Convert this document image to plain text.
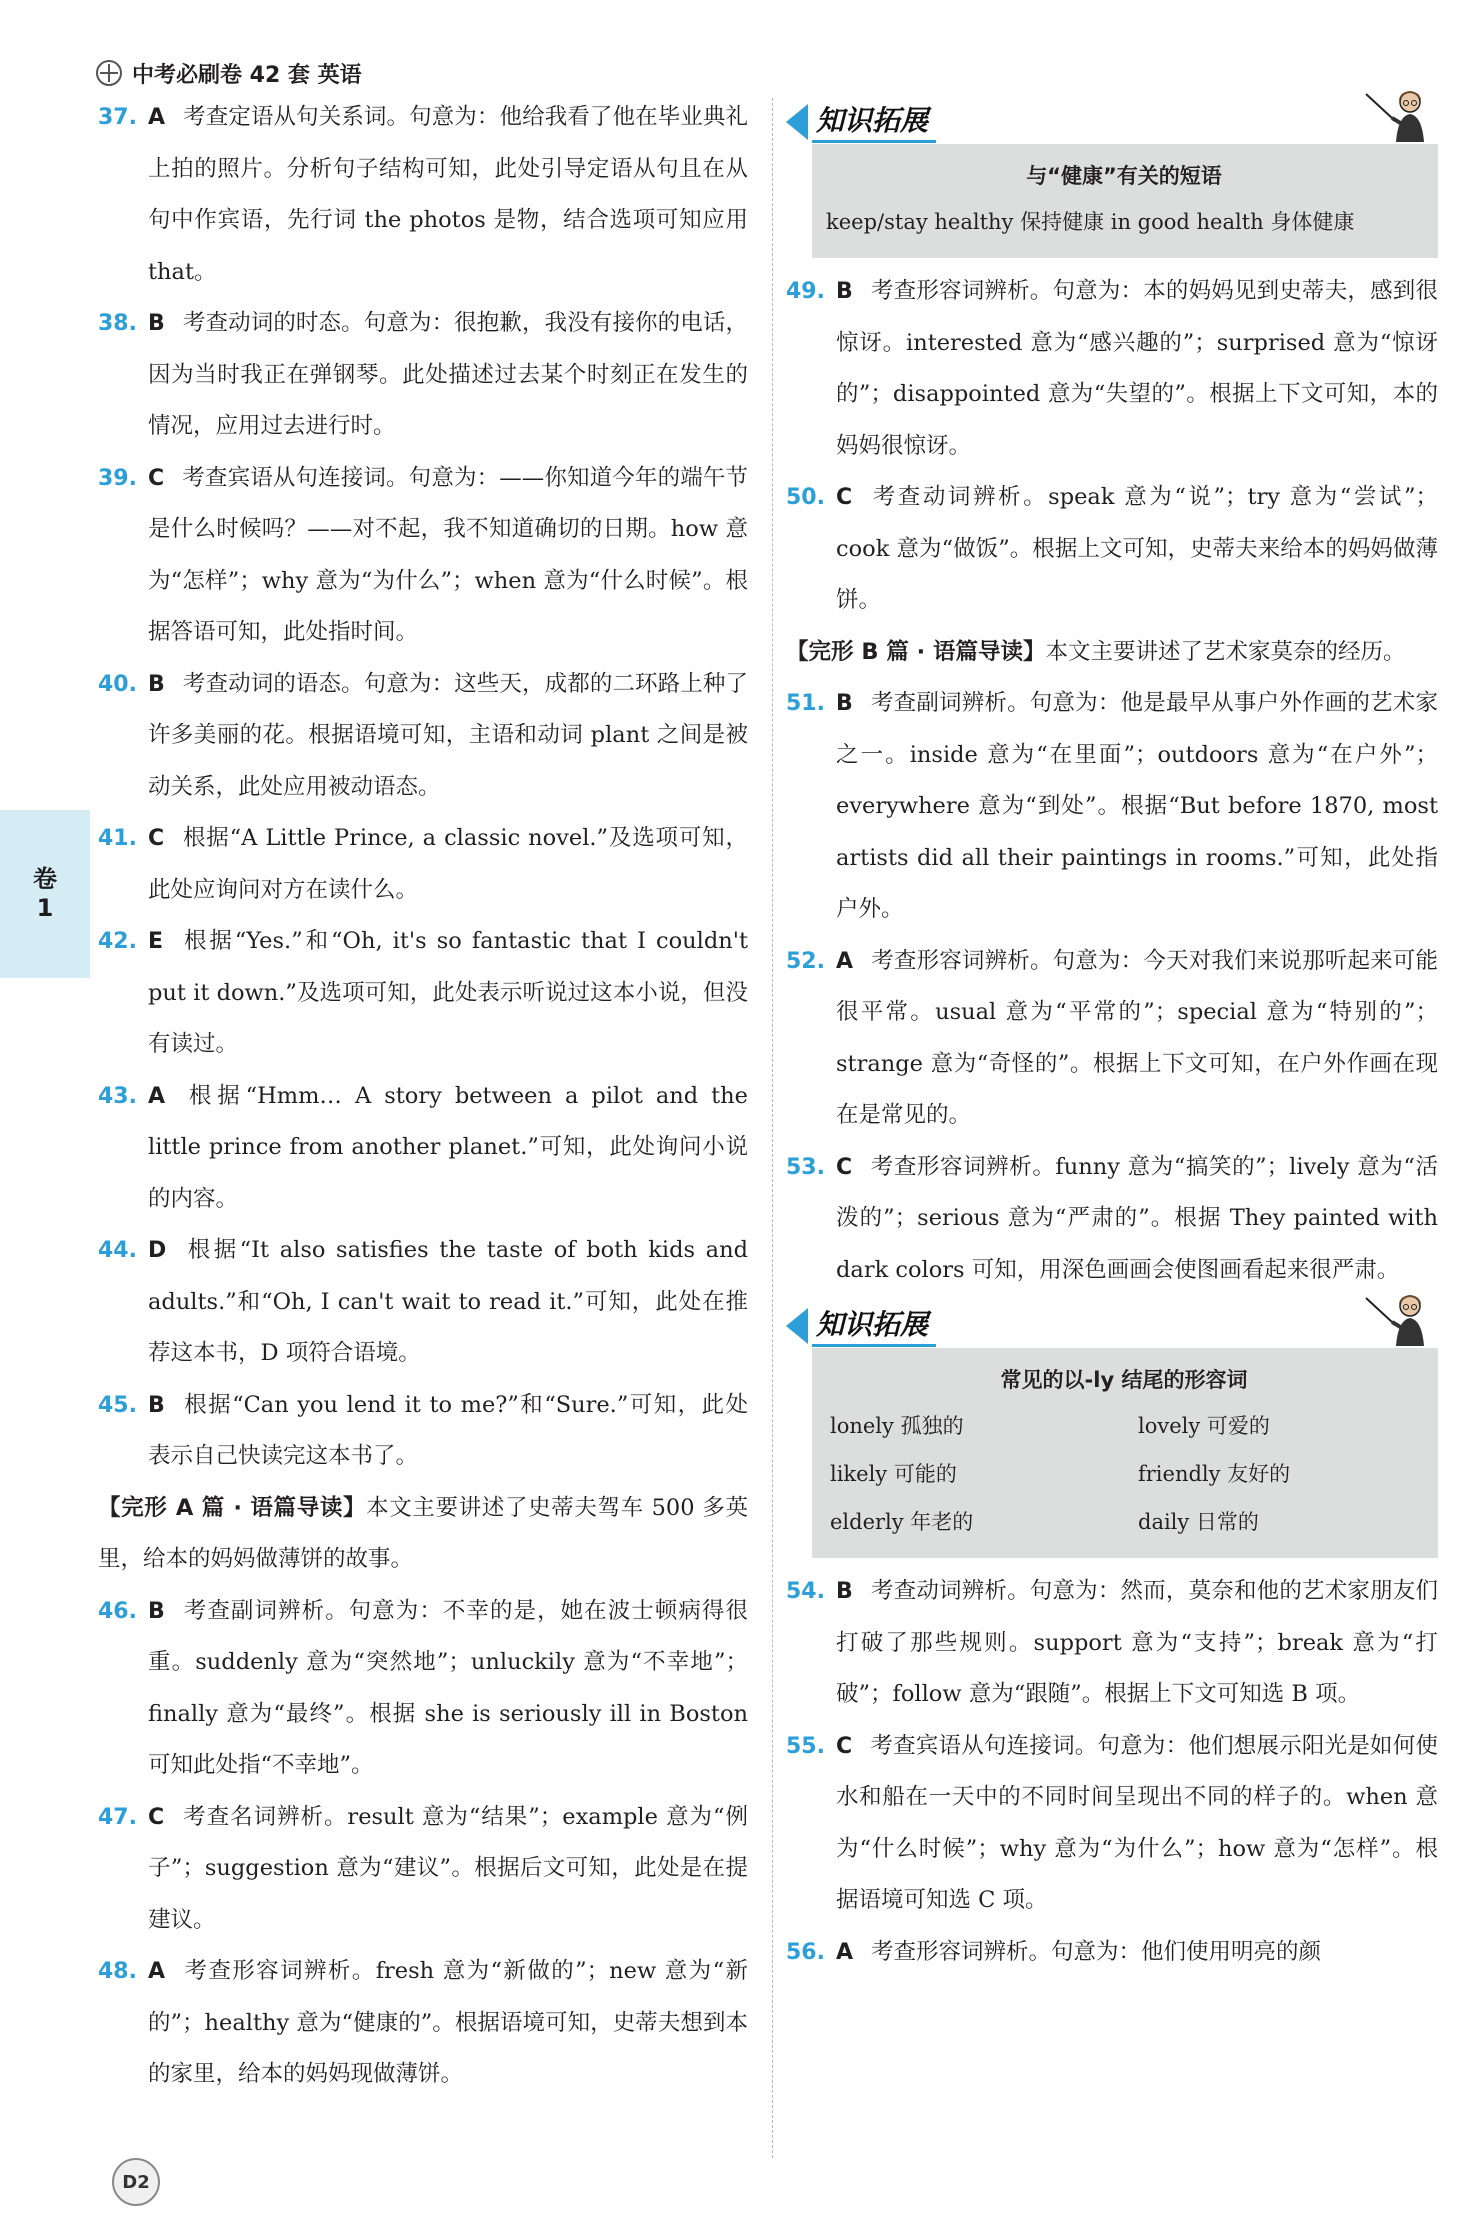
中考必刷卷 42 套 英语
卷
1
37. A 考查定语从句关系词。句意为：他给我看了他在毕业典礼上拍的照片。分析句子结构可知，此处引导定语从句且在从句中作宾语，先行词 the photos 是物，结合选项可知应用 that。
38. B 考查动词的时态。句意为：很抱歉，我没有接你的电话，因为当时我正在弹钢琴。此处描述过去某个时刻正在发生的情况，应用过去进行时。
39. C 考查宾语从句连接词。句意为：——你知道今年的端午节是什么时候吗？——对不起，我不知道确切的日期。how 意为“怎样”；why 意为“为什么”；when 意为“什么时候”。根据答语可知，此处指时间。
40. B 考查动词的语态。句意为：这些天，成都的二环路上种了许多美丽的花。根据语境可知，主语和动词 plant 之间是被动关系，此处应用被动语态。
41. C 根据“A Little Prince, a classic novel.”及选项可知，此处应询问对方在读什么。
42. E 根据“Yes.”和“Oh, it's so fantastic that I couldn't put it down.”及选项可知，此处表示听说过这本小说，但没有读过。
43. A 根据“Hmm… A story between a pilot and the little prince from another planet.”可知，此处询问小说的内容。
44. D 根据“It also satisfies the taste of both kids and adults.”和“Oh, I can't wait to read it.”可知，此处在推荐这本书，D 项符合语境。
45. B 根据“Can you lend it to me?”和“Sure.”可知，此处表示自己快读完这本书了。
【完形 A 篇 · 语篇导读】本文主要讲述了史蒂夫驾车 500 多英里，给本的妈妈做薄饼的故事。
46. B 考查副词辨析。句意为：不幸的是，她在波士顿病得很重。suddenly 意为“突然地”；unluckily 意为“不幸地”；finally 意为“最终”。根据 she is seriously ill in Boston 可知此处指“不幸地”。
47. C 考查名词辨析。result 意为“结果”；example 意为“例子”；suggestion 意为“建议”。根据后文可知，此处是在提建议。
48. A 考查形容词辨析。fresh 意为“新做的”；new 意为“新的”；healthy 意为“健康的”。根据语境可知，史蒂夫想到本的家里，给本的妈妈现做薄饼。
知识拓展
与“健康”有关的短语
keep/stay healthy 保持健康 in good health 身体健康
49. B 考查形容词辨析。句意为：本的妈妈见到史蒂夫，感到很惊讶。interested 意为“感兴趣的”；surprised 意为“惊讶的”；disappointed 意为“失望的”。根据上下文可知，本的妈妈很惊讶。
50. C 考查动词辨析。speak 意为“说”；try 意为“尝试”；cook 意为“做饭”。根据上文可知，史蒂夫来给本的妈妈做薄饼。
【完形 B 篇 · 语篇导读】本文主要讲述了艺术家莫奈的经历。
51. B 考查副词辨析。句意为：他是最早从事户外作画的艺术家之一。inside 意为“在里面”；outdoors 意为“在户外”；everywhere 意为“到处”。根据“But before 1870, most artists did all their paintings in rooms.”可知，此处指户外。
52. A 考查形容词辨析。句意为：今天对我们来说那听起来可能很平常。usual 意为“平常的”；special 意为“特别的”；strange 意为“奇怪的”。根据上下文可知，在户外作画在现在是常见的。
53. C 考查形容词辨析。funny 意为“搞笑的”；lively 意为“活泼的”；serious 意为“严肃的”。根据 They painted with dark colors 可知，用深色画画会使图画看起来很严肃。
知识拓展
常见的以-ly 结尾的形容词
lonely 孤独的	lovely 可爱的
likely 可能的	friendly 友好的
elderly 年老的	daily 日常的
54. B 考查动词辨析。句意为：然而，莫奈和他的艺术家朋友们打破了那些规则。support 意为“支持”；break 意为“打破”；follow 意为“跟随”。根据上下文可知选 B 项。
55. C 考查宾语从句连接词。句意为：他们想展示阳光是如何使水和船在一天中的不同时间呈现出不同的样子的。when 意为“什么时候”；why 意为“为什么”；how 意为“怎样”。根据语境可知选 C 项。
56. A 考查形容词辨析。句意为：他们使用明亮的颜
D2
